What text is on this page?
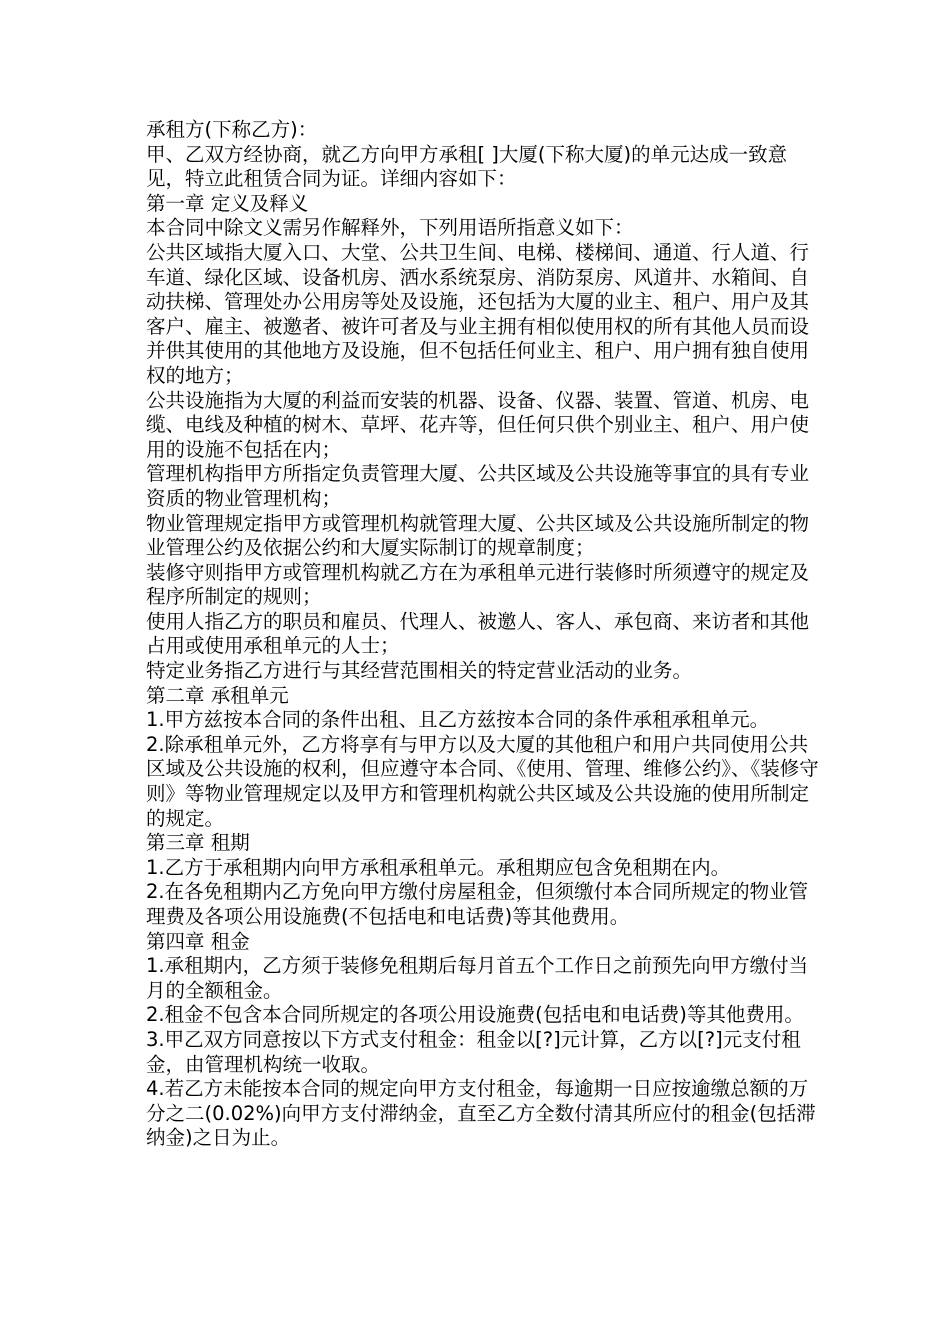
承租方(下称乙方)：

甲、乙双方经协商，就乙方向甲方承租[ ]大厦(下称大厦)的单元达成一致意见，特立此租赁合同为证。详细内容如下：

第一章 定义及释义

本合同中除文义需另作解释外，下列用语所指意义如下：

公共区域指大厦入口、大堂、公共卫生间、电梯、楼梯间、通道、行人道、行车道、绿化区域、设备机房、洒水系统泵房、消防泵房、风道井、水箱间、自动扶梯、管理处办公用房等处及设施，还包括为大厦的业主、租户、用户及其客户、雇主、被邀者、被许可者及与业主拥有相似使用权的所有其他人员而设并供其使用的其他地方及设施，但不包括任何业主、租户、用户拥有独自使用权的地方；

公共设施指为大厦的利益而安装的机器、设备、仪器、装置、管道、机房、电缆、电线及种植的树木、草坪、花卉等，但任何只供个别业主、租户、用户使用的设施不包括在内；

管理机构指甲方所指定负责管理大厦、公共区域及公共设施等事宜的具有专业资质的物业管理机构；

物业管理规定指甲方或管理机构就管理大厦、公共区域及公共设施所制定的物业管理公约及依据公约和大厦实际制订的规章制度；

装修守则指甲方或管理机构就乙方在为承租单元进行装修时所须遵守的规定及程序所制定的规则；

使用人指乙方的职员和雇员、代理人、被邀人、客人、承包商、来访者和其他占用或使用承租单元的人士；

特定业务指乙方进行与其经营范围相关的特定营业活动的业务。

第二章 承租单元

1.甲方兹按本合同的条件出租、且乙方兹按本合同的条件承租承租单元。

2.除承租单元外，乙方将享有与甲方以及大厦的其他租户和用户共同使用公共区域及公共设施的权利，但应遵守本合同、《使用、管理、维修公约》、《装修守则》等物业管理规定以及甲方和管理机构就公共区域及公共设施的使用所制定的规定。

第三章 租期

1.乙方于承租期内向甲方承租承租单元。承租期应包含免租期在内。

2.在各免租期内乙方免向甲方缴付房屋租金，但须缴付本合同所规定的物业管理费及各项公用设施费(不包括电和电话费)等其他费用。

第四章 租金

1.承租期内，乙方须于装修免租期后每月首五个工作日之前预先向甲方缴付当月的全额租金。

2.租金不包含本合同所规定的各项公用设施费(包括电和电话费)等其他费用。

3.甲乙双方同意按以下方式支付租金：租金以[?]元计算，乙方以[?]元支付租金，由管理机构统一收取。

4.若乙方未能按本合同的规定向甲方支付租金，每逾期一日应按逾缴总额的万分之二(0.02%)向甲方支付滞纳金，直至乙方全数付清其所应付的租金(包括滞纳金)之日为止。
